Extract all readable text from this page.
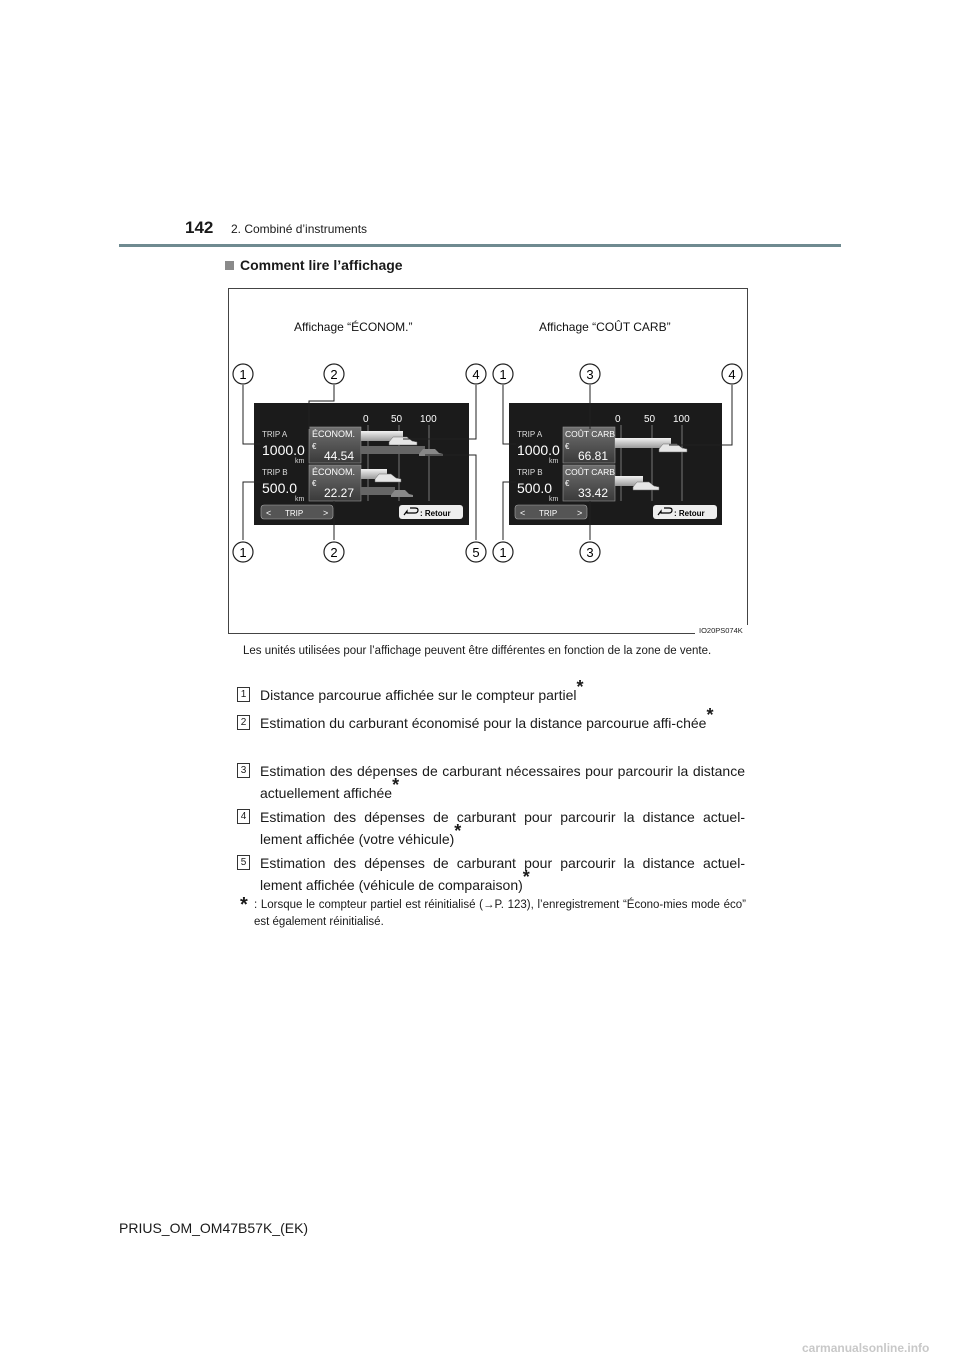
142 2. Combiné d’instruments
Comment lire l’affichage
Affichage “ÉCONOM.”	Affichage “COÛT CARB”
0 50 100
TRIP A
1000.0
km
ÉCONOM.
€
44.54
TRIP B
500.0
km
ÉCONOM.
€
22.27
< TRIP >	: Retour
0 50 100
TRIP A
1000.0
km
COÛT CARB
€
66.81
TRIP B
500.0
km
COÛT CARB
€
33.42
< TRIP >	: Retour
1	2	4 1	3	4
1	2	5 1	3
IO20PS074K
Les unités utilisées pour l’affichage peuvent être différentes en fonction de la zone de vente.
1 Distance parcourue affichée sur le compteur partiel*
2 Estimation du carburant économisé pour la distance parcourue affi-chée*
3 Estimation des dépenses de carburant nécessaires pour parcourir la distance actuellement affichée*
4 Estimation des dépenses de carburant pour parcourir la distance actuel-lement affichée (votre véhicule)*
5 Estimation des dépenses de carburant pour parcourir la distance actuel-lement affichée (véhicule de comparaison)*
* : Lorsque le compteur partiel est réinitialisé (→P. 123), l’enregistrement “Écono-mies mode éco” est également réinitialisé.
PRIUS_OM_OM47B57K_(EK)
carmanualsonline.info
